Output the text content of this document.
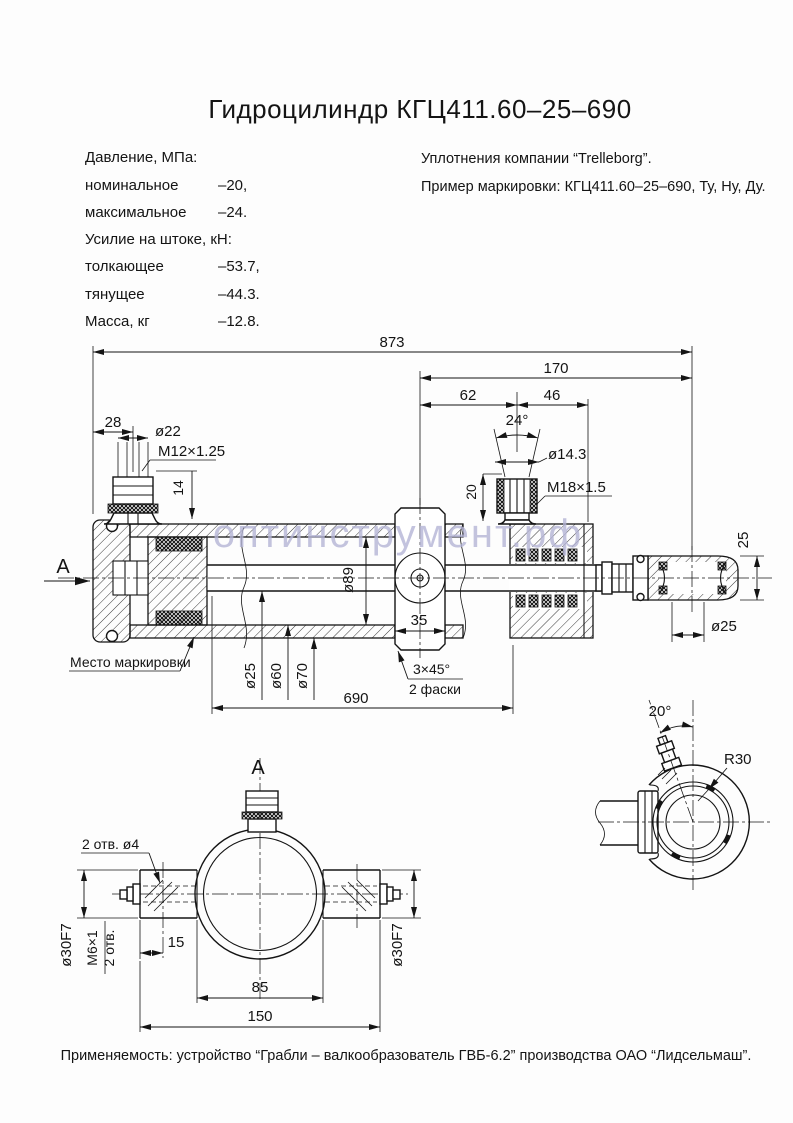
Гидроцилиндр КГЦ411.60–25–690
Давление, МПа:
номинальное	–20,
максимальное –24.
Усилие на штоке, кН:
толкающее	–53.7,
тянущее	–44.3.
Масса, кг	–12.8.
Уплотнения компании “Trelleborg”.
Пример маркировки: КГЦ411.60–25–690, Ту, Ну, Ду.
873
170
62	46
28
ø22
M12×1.25
14
24°
ø14.3
M18×1.5
20
ø89
ø25 ø60 ø70
35
3×45°
2 фаски
690
Место маркировки
А
25
ø25
А
2 отв. ø4
ø30F7 М6×1 2 отв.	15
85
150
ø30F7
20°
R30
оптинструмент.рф
Применяемость: устройство “Грабли – валкообразователь ГВБ-6.2” производства ОАО “Лидсельмаш”.
